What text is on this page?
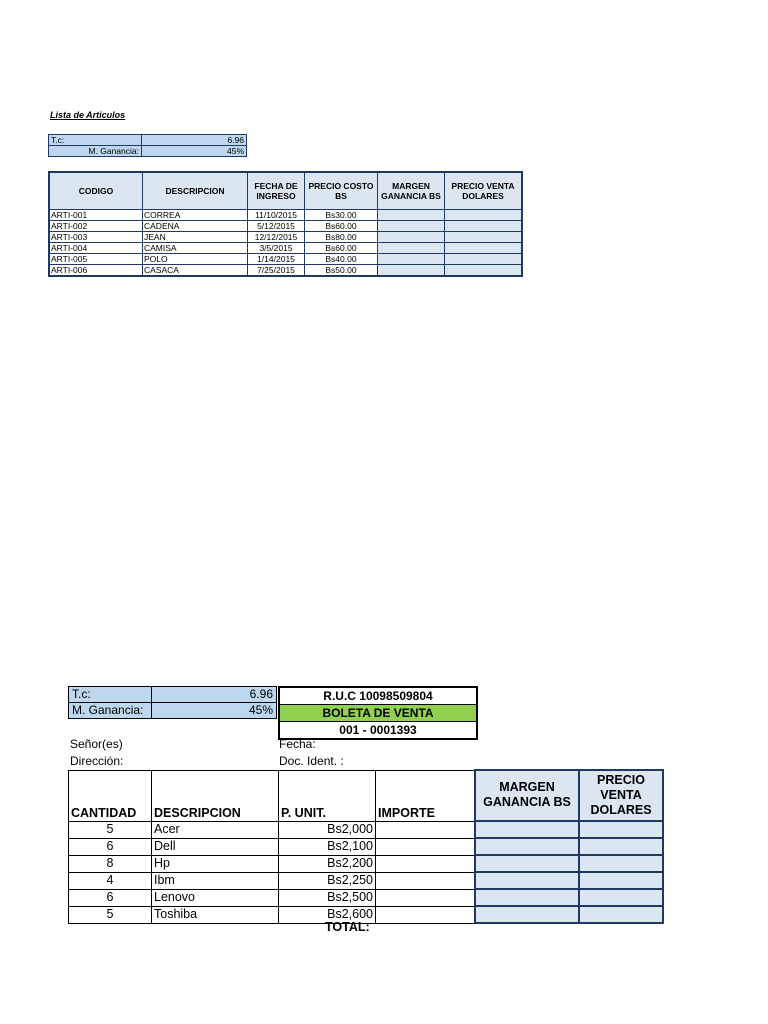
Lista de Articulos
T.c:	6.96
M. Ganancia:	45%
CODIGO	DESCRIPCION	FECHA DE INGRESO	PRECIO COSTO BS	MARGEN GANANCIA BS	PRECIO VENTA DOLARES
ARTI-001	CORREA	11/10/2015	Bs30.00		
ARTI-002	CADENA	5/12/2015	Bs60.00		
ARTI-003	JEAN	12/12/2015	Bs80.00		
ARTI-004	CAMISA	3/5/2015	Bs60.00		
ARTI-005	POLO	1/14/2015	Bs40.00		
ARTI-006	CASACA	7/25/2015	Bs50.00		
T.c:	6.96
M. Ganancia:	45%
R.U.C 10098509804
BOLETA DE VENTA
001 - 0001393
Señor(es)
Dirección:
Fecha:
Doc. Ident. :
CANTIDAD	DESCRIPCION	P. UNIT.	IMPORTE	MARGEN GANANCIA BS	PRECIO VENTA DOLARES
5	Acer	Bs2,000			
6	Dell	Bs2,100			
8	Hp	Bs2,200			
4	Ibm	Bs2,250			
6	Lenovo	Bs2,500			
5	Toshiba	Bs2,600			
TOTAL:
